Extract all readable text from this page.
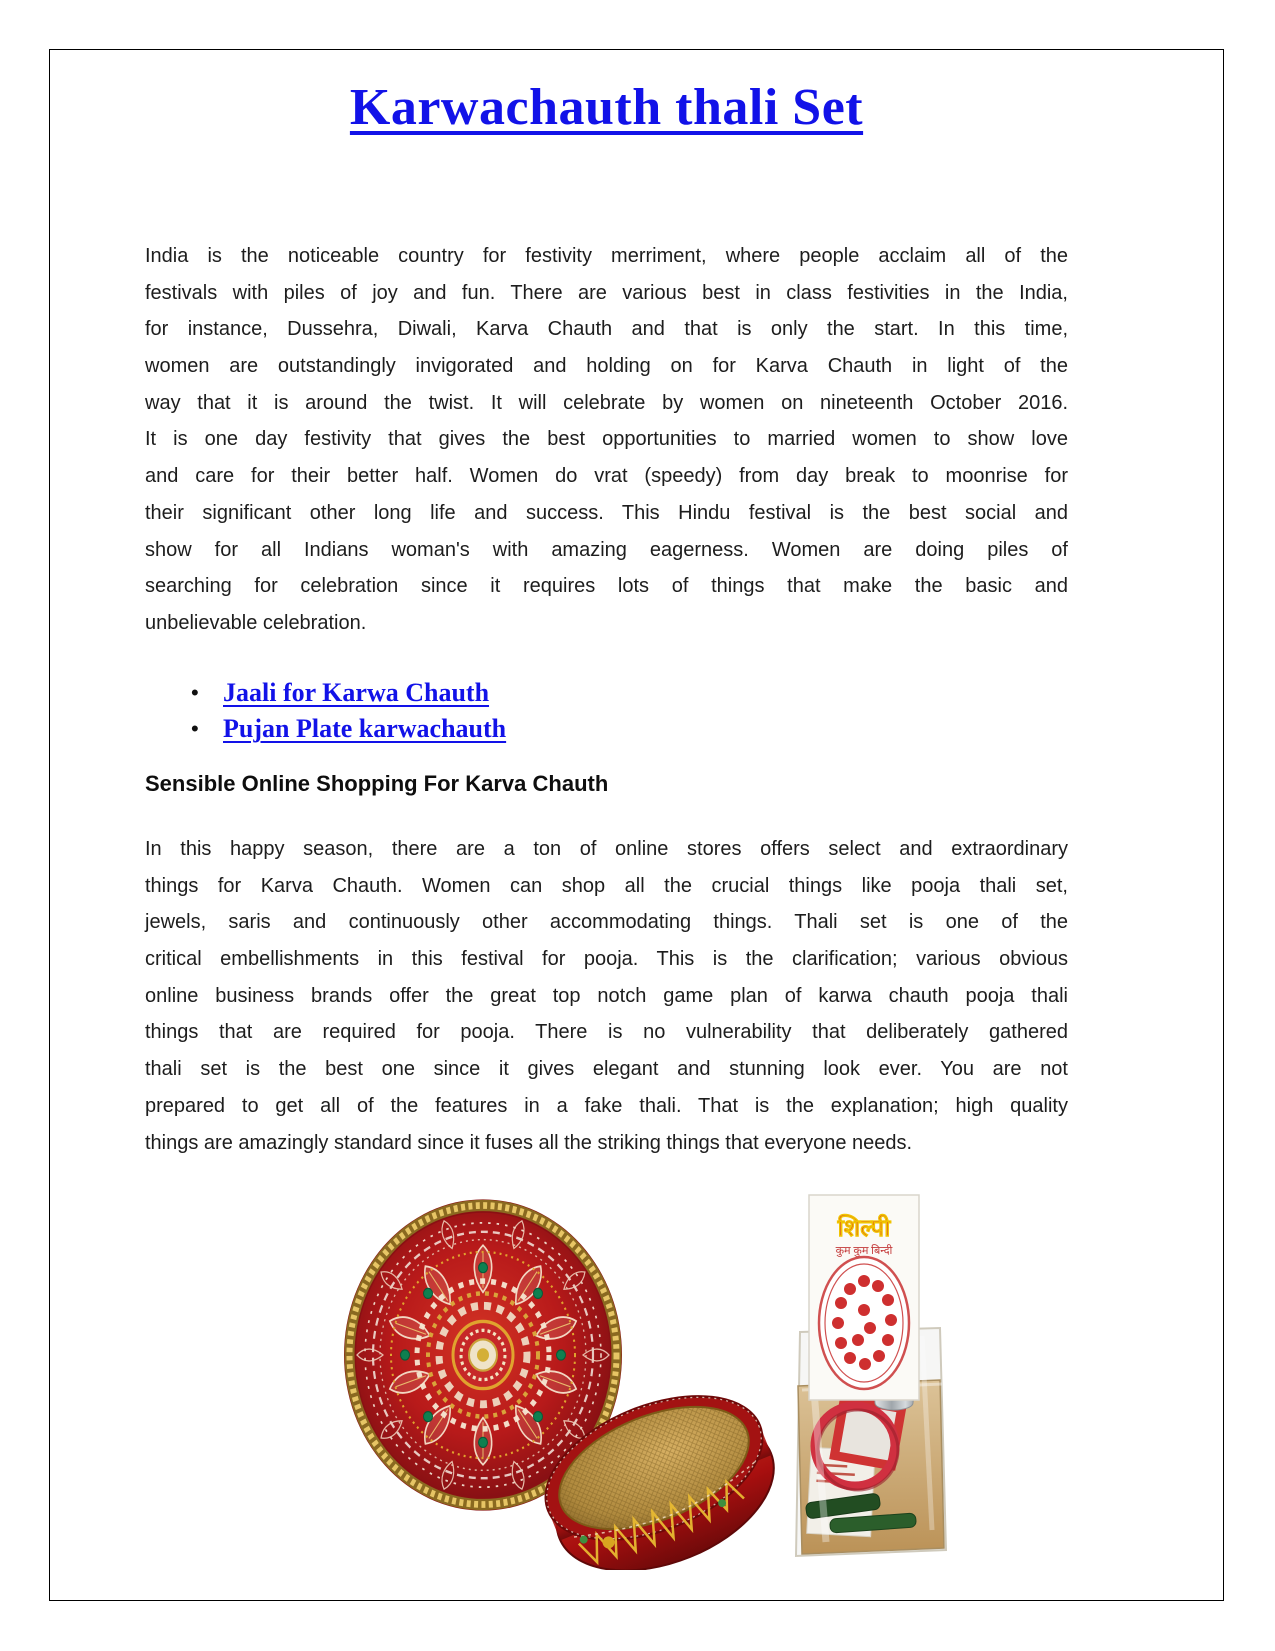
Karwachauth thali Set
India is the noticeable country for festivity merriment, where people acclaim all of the
festivals with piles of joy and fun. There are various best in class festivities in the India,
for instance, Dussehra, Diwali, Karva Chauth and that is only the start. In this time,
women are outstandingly invigorated and holding on for Karva Chauth in light of the
way that it is around the twist. It will celebrate by women on nineteenth October 2016.
It is one day festivity that gives the best opportunities to married women to show love
and care for their better half. Women do vrat (speedy) from day break to moonrise for
their significant other long life and success. This Hindu festival is the best social and
show for all Indians woman's with amazing eagerness. Women are doing piles of
searching for celebration since it requires lots of things that make the basic and
unbelievable celebration.
• Jaali for Karwa Chauth
• Pujan Plate karwachauth
Sensible Online Shopping For Karva Chauth
In this happy season, there are a ton of online stores offers select and extraordinary
things for Karva Chauth. Women can shop all the crucial things like pooja thali set,
jewels, saris and continuously other accommodating things. Thali set is one of the
critical embellishments in this festival for pooja. This is the clarification; various obvious
online business brands offer the great top notch game plan of karwa chauth pooja thali
things that are required for pooja. There is no vulnerability that deliberately gathered
thali set is the best one since it gives elegant and stunning look ever. You are not
prepared to get all of the features in a fake thali. That is the explanation; high quality
things are amazingly standard since it fuses all the striking things that everyone needs.
शिल्पी
कुम कुम बिन्दी
